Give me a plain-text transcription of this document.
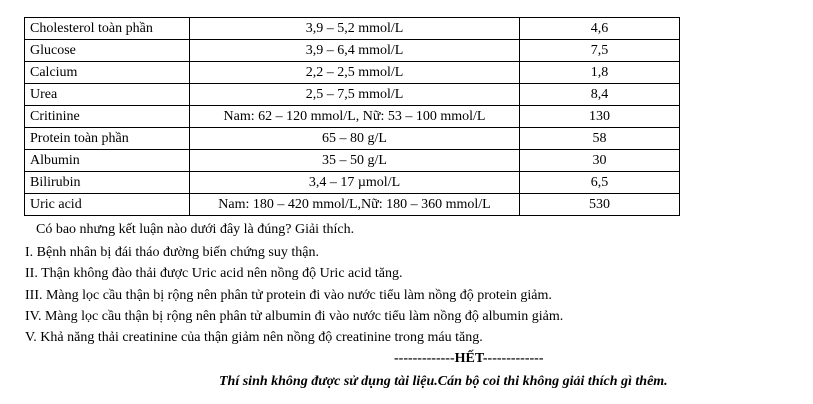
Cholesterol toàn phần	3,9 – 5,2 mmol/L	4,6
Glucose	3,9 – 6,4 mmol/L	7,5
Calcium	2,2 – 2,5 mmol/L	1,8
Urea	2,5 – 7,5 mmol/L	8,4
Critinine	Nam: 62 – 120 mmol/L, Nữ: 53 – 100 mmol/L	130
Protein toàn phần	65 – 80 g/L	58
Albumin	35 – 50 g/L	30
Bilirubin	3,4 – 17 µmol/L	6,5
Uric acid	Nam: 180 – 420 mmol/L,Nữ: 180 – 360 mmol/L	530
Có bao nhưng kết luận nào dưới đây là đúng? Giải thích.
I. Bệnh nhân bị đái tháo đường biến chứng suy thận.
II. Thận không đào thải được Uric acid nên nồng độ Uric acid tăng.
III. Màng lọc cầu thận bị rộng nên phân tử protein đi vào nước tiểu làm nồng độ protein giảm.
IV. Màng lọc cầu thận bị rộng nên phân tử albumin đi vào nước tiểu làm nồng độ albumin giảm.
V. Khả năng thải creatinine của thận giảm nên nồng độ creatinine trong máu tăng.
-------------HẾT-------------
Thí sinh không được sử dụng tài liệu.Cán bộ coi thi không giải thích gì thêm.
